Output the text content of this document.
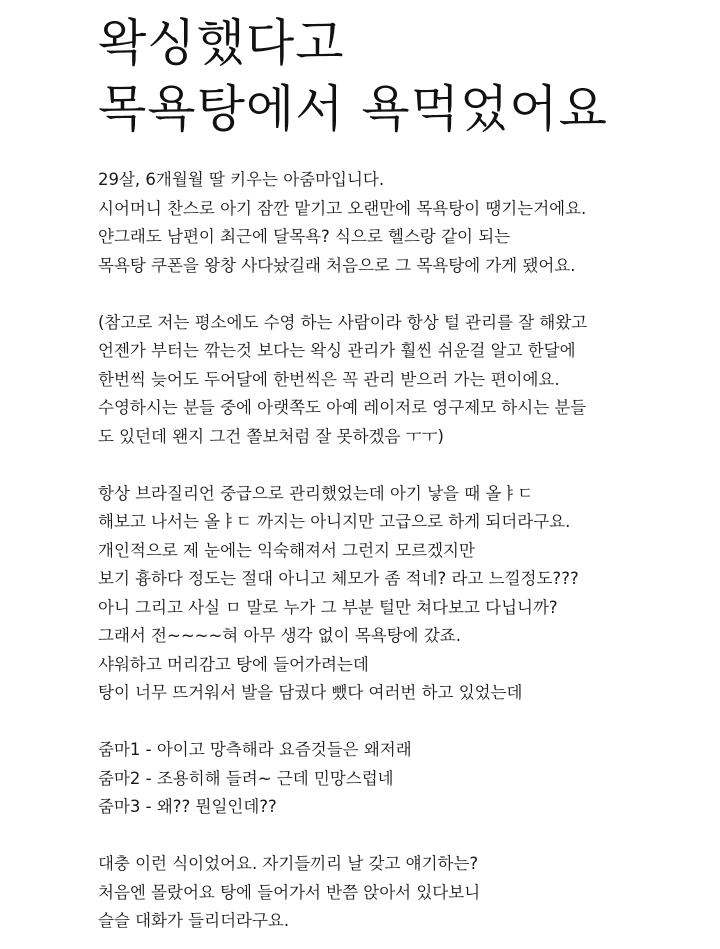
왁싱했다고
목욕탕에서 욕먹었어요

29살, 6개월월 딸 키우는 아줌마입니다.

시어머니 찬스로 아기 잠깐 맡기고 오랜만에 목욕탕이 땡기는거에요.

얀그래도 남편이 최근에 달목욕? 식으로 헬스랑 같이 되는

목욕탕 쿠폰을 왕창 사다놨길래 처음으로 그 목욕탕에 가게 됐어요.

(참고로 저는 평소에도 수영 하는 사람이라 항상 털 관리를 잘 해왔고

언젠가 부터는 깎는것 보다는 왁싱 관리가 훨씬 쉬운걸 알고 한달에

한번씩 늦어도 두어달에 한번씩은 꼭 관리 받으러 가는 편이에요.

수영하시는 분들 중에 아랫쪽도 아예 레이저로 영구제모 하시는 분들

도 있던데 왠지 그건 쫄보처럼 잘 못하겠음 ㅜㅜ)

항상 브라질리언 중급으로 관리했었는데 아기 낳을 때 올ㅑㄷ

해보고 나서는 올ㅑㄷ 까지는 아니지만 고급으로 하게 되더라구요.

개인적으로 제 눈에는 익숙해져서 그런지 모르겠지만

보기 흉하다 정도는 절대 아니고 체모가 좀 적네? 라고 느낄정도???

아니 그리고 사실 ㅁ 말로 누가 그 부분 털만 쳐다보고 다닙니까?

그래서 전~~~~혀 아무 생각 없이 목욕탕에 갔죠.

샤워하고 머리감고 탕에 들어가려는데

탕이 너무 뜨거워서 발을 담궜다 뺐다 여러번 하고 있었는데

줌마1 - 아이고 망측해라 요즘것들은 왜저래

줌마2 - 조용히해 들려~ 근데 민망스럽네

줌마3 - 왜?? 뭔일인데??

대충 이런 식이었어요. 자기들끼리 날 갖고 얘기하는?

처음엔 몰랐어요 탕에 들어가서 반쯤 앉아서 있다보니

슬슬 대화가 들리더라구요.
